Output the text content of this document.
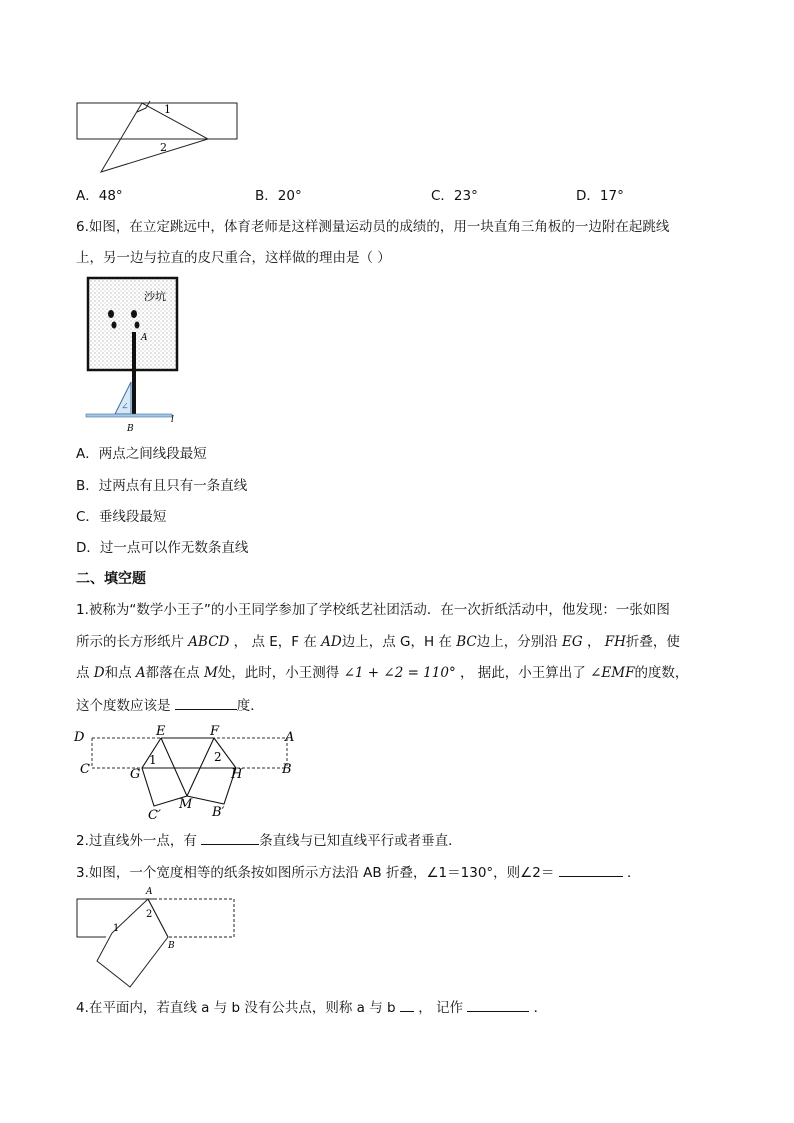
1
2
A．48°	B．20°	C．23°	D．17°
6.如图，在立定跳远中，体育老师是这样测量运动员的成绩的，用一块直角三角板的一边附在起跳线
上，另一边与拉直的皮尺重合，这样做的理由是（ ）
沙坑
A
∠
B
l
A．两点之间线段最短
B．过两点有且只有一条直线
C．垂线段最短
D．过一点可以作无数条直线
二、填空题
1.被称为“数学小王子”的小王同学参加了学校纸艺社团活动．在一次折纸活动中，他发现：一张如图
所示的长方形纸片 ABCD ， 点 E，F 在 AD边上，点 G，H 在 BC边上，分别沿 EG ， FH折叠，使
点 D和点 A都落在点 M处，此时，小王测得 ∠1 + ∠2 = 110° ， 据此，小王算出了 ∠EMF的度数，
这个度数应该是	度．
D	E	F	A
C	G
1	2
H	B
C′
M
B′
2.过直线外一点，有	条直线与已知直线平行或者垂直．
3.如图，一个宽度相等的纸条按如图所示方法沿 AB 折叠，∠1＝130°，则∠2＝	．
A
B
1
2
4.在平面内，若直线 a 与 b 没有公共点，则称 a 与 b  ， 记作	．
